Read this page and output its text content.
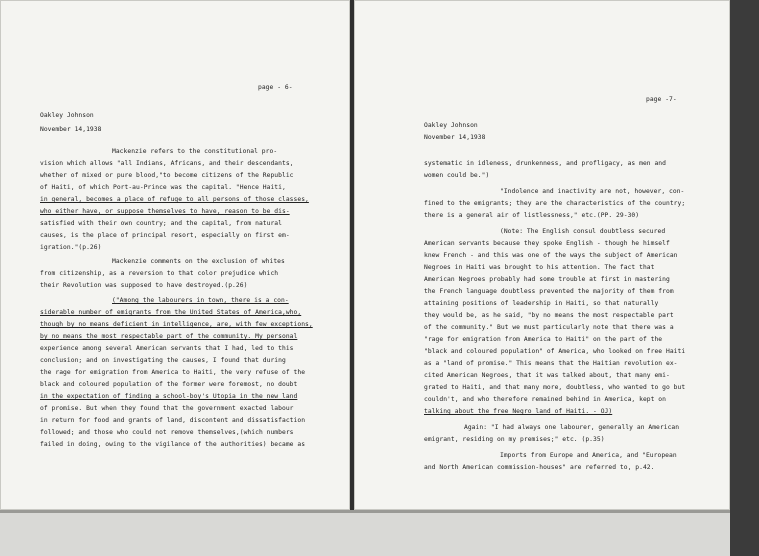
page - 6-
Oakley Johnson
November 14,1938
Mackenzie refers to the constitutional pro-
vision which allows "all Indians, Africans, and their descendants,
whether of mixed or pure blood,"to become citizens of the Republic
of Haiti, of which Port-au-Prince was the capital. "Hence Haiti,
in general, becomes a place of refuge to all persons of those classes,
who either have, or suppose themselves to have, reason to be dis-
satisfied with their own country; and the capital, from natural
causes, is the place of principal resort, especially on first em-
igration."(p.26)
Mackenzie comments on the exclusion of whites
from citizenship, as a reversion to that color prejudice which
their Revolution was supposed to have destroyed.(p.26)
("Among the labourers in town, there is a con-
siderable number of emigrants from the United States of America,who,
though by no means deficient in intelligence, are, with few exceptions,
by no means the most respectable part of the community. My personal
experience among several American servants that I had, led to this
conclusion; and on investigating the causes, I found that during
the rage for emigration from America to Haiti, the very refuse of the
black and coloured population of the former were foremost, no doubt
in the expectation of finding a school-boy's Utopia in the new land
of promise. But when they found that the government exacted labour
in return for food and grants of land, discontent and dissatisfaction
followed; and those who could not remove themselves,(which numbers
failed in doing, owing to the vigilance of the authorities) became as
page -7-
Oakley Johnson
November 14,1938
systematic in idleness, drunkenness, and profligacy, as men and
women could be.")
"Indolence and inactivity are not, however, con-
fined to the emigrants; they are the characteristics of the country;
there is a general air of listlessness," etc.(PP. 29-30)
(Note: The English consul doubtless secured
American servants because they spoke English - though he himself
knew French - and this was one of the ways the subject of American
Negroes in Haiti was brought to his attention. The fact that
American Negroes probably had some trouble at first in mastering
the French language doubtless prevented the majority of them from
attaining positions of leadership in Haiti, so that naturally
they would be, as he said, "by no means the most respectable part
of the community." But we must particularly note that there was a
"rage for emigration from America to Haiti" on the part of the
"black and coloured population" of America, who looked on free Haiti
as a "land of promise." This means that the Haitian revolution ex-
cited American Negroes, that it was talked about, that many emi-
grated to Haiti, and that many more, doubtless, who wanted to go but
couldn't, and who therefore remained behind in America, kept on
talking about the free Negro land of Haiti. - OJ)
Again: "I had always one labourer, generally an American
emigrant, residing on my premises;" etc. (p.35)
Imports from Europe and America, and "European
and North American commission-houses" are referred to, p.42.
